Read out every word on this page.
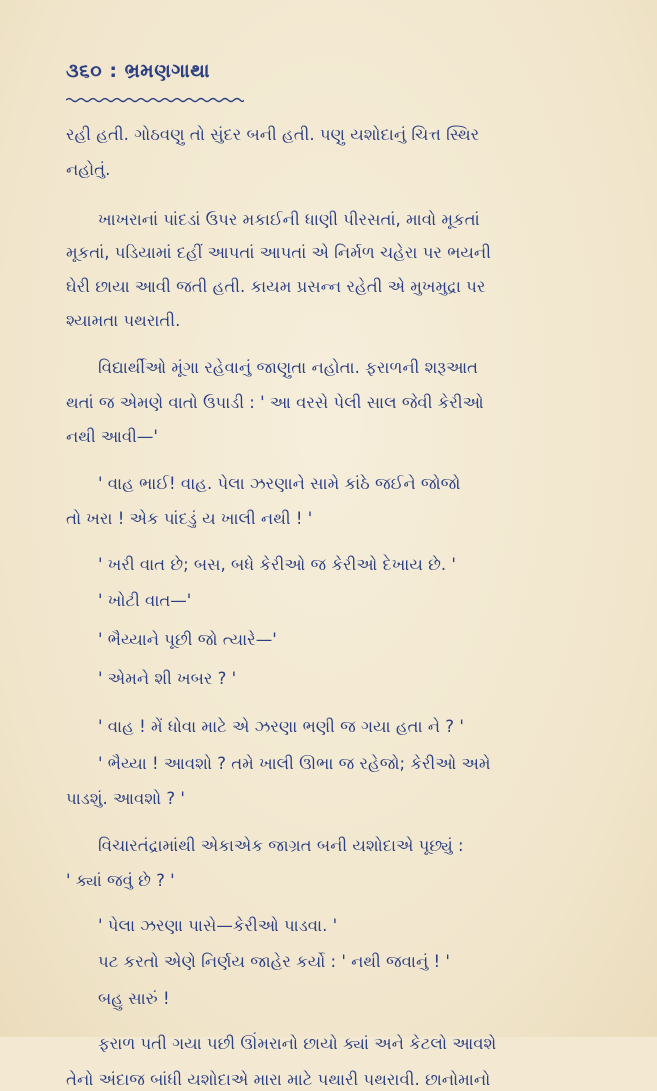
૩૬૦ : ભ્રમણગાથા
રહી હતી. ગોઠવણુ તો સુંદર બની હતી. પણુ યશોદાનું ચિત્ત સ્થિર
નહોતું.
ખાખરાનાં પાંદડાં ઉપર મકાઈની ધાણી પીરસતાં, માવો મૂકતાં
મૂકતાં, પડિયામાં દહીં આપતાં આપતાં એ નિર્મળ ચહેરા પર ભયની
ઘેરી છાયા આવી જતી હતી. કાયમ પ્રસન્ન રહેતી એ મુખમુદ્રા પર
શ્યામતા પથરાતી.
વિદ્યાર્થીઓ મૂંગા રહેવાનું જાણુતા નહોતા. ફરાળની શરૂઆત
થતાં જ એમણે વાતો ઉપાડી : ' આ વરસે પેલી સાલ જેવી કેરીઓ
નથી આવી—'
' વાહ ભાઈ! વાહ. પેલા ઝરણાને સામે કાંઠે જઈને જોજો
તો ખરા ! એક પાંદડું ય ખાલી નથી ! '
' ખરી વાત છે; બસ, બધે કેરીઓ જ કેરીઓ દેખાય છે. '
' ખોટી વાત—'
' ભૈય્યાને પૂછી જો ત્યારે—'
' એમને શી ખબર ? '
' વાહ ! મેં ધોવા માટે એ ઝરણા ભણી જ ગયા હતા ને ? '
' ભૈય્યા ! આવશો ? તમે ખાલી ઊભા જ રહેજો; કેરીઓ અમે
પાડશું. આવશો ? '
વિચારતંદ્રામાંથી એકાએક જાગ્રત બની યશોદાએ પૂછ્યું :
' ક્યાં જવું છે ? '
' પેલા ઝરણા પાસે—કેરીઓ પાડવા. '
પટ કરતો એણે નિર્ણય જાહેર કર્યો : ' નથી જવાનું ! '
બહુ સારું !
ફરાળ પતી ગયા પછી ઊંમરાનો છાયો ક્યાં અને કેટલો આવશે
તેનો અંદાજ બાંધી યશોદાએ મારા માટે પથારી પથરાવી. છાનોમાનો
